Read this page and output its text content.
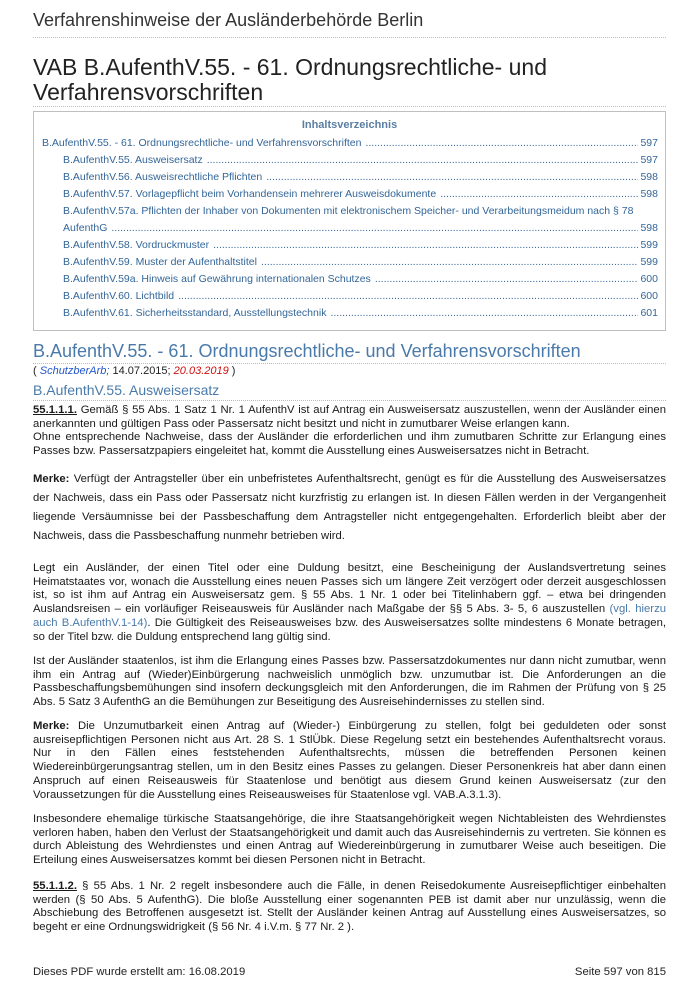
Verfahrenshinweise der Ausländerbehörde Berlin
VAB B.AufenthV.55. - 61. Ordnungsrechtliche- und Verfahrensvorschriften
Inhaltsverzeichnis
B.AufenthV.55. - 61. Ordnungsrechtliche- und Verfahrensvorschriften .....	597
B.AufenthV.55. Ausweisersatz .....	597
B.AufenthV.56. Ausweisrechtliche Pflichten .....	598
B.AufenthV.57. Vorlagepflicht beim Vorhandensein mehrerer Ausweisdokumente .....	598
B.AufenthV.57a. Pflichten der Inhaber von Dokumenten mit elektronischem Speicher- und Verarbeitungsmeidum nach § 78
AufenthG .....	598
B.AufenthV.58. Vordruckmuster .....	599
B.AufenthV.59. Muster der Aufenthaltstitel .....	599
B.AufenthV.59a. Hinweis auf Gewährung internationalen Schutzes .....	600
B.AufenthV.60. Lichtbild .....	600
B.AufenthV.61. Sicherheitsstandard, Ausstellungstechnik .....	601
B.AufenthV.55. - 61. Ordnungsrechtliche- und Verfahrensvorschriften
( SchutzberArb; 14.07.2015; 20.03.2019 )
B.AufenthV.55. Ausweisersatz
55.1.1.1. Gemäß § 55 Abs. 1 Satz 1 Nr. 1 AufenthV ist auf Antrag ein Ausweisersatz auszustellen, wenn der Ausländer einen anerkannten und gültigen Pass oder Passersatz nicht besitzt und nicht in zumutbarer Weise erlangen kann.
Ohne entsprechende Nachweise, dass der Ausländer die erforderlichen und ihm zumutbaren Schritte zur Erlangung eines Passes bzw. Passersatzpapiers eingeleitet hat, kommt die Ausstellung eines Ausweisersatzes nicht in Betracht.
Merke: Verfügt der Antragsteller über ein unbefristetes Aufenthaltsrecht, genügt es für die Ausstellung des Ausweisersatzes der Nachweis, dass ein Pass oder Passersatz nicht kurzfristig zu erlangen ist. In diesen Fällen werden in der Vergangenheit liegende Versäumnisse bei der Passbeschaffung dem Antragsteller nicht entgegengehalten. Erforderlich bleibt aber der Nachweis, dass die Passbeschaffung nunmehr betrieben wird.
Legt ein Ausländer, der einen Titel oder eine Duldung besitzt, eine Bescheinigung der Auslandsvertretung seines Heimatstaates vor, wonach die Ausstellung eines neuen Passes sich um längere Zeit verzögert oder derzeit ausgeschlossen ist, so ist ihm auf Antrag ein Ausweisersatz gem. § 55 Abs. 1 Nr. 1 oder bei Titelinhabern ggf. – etwa bei dringenden Auslandsreisen – ein vorläufiger Reiseausweis für Ausländer nach Maßgabe der §§ 5 Abs. 3- 5, 6 auszustellen (vgl. hierzu auch B.AufenthV.1-14). Die Gültigkeit des Reiseausweises bzw. des Ausweisersatzes sollte mindestens 6 Monate betragen, so der Titel bzw. die Duldung entsprechend lang gültig sind.
Ist der Ausländer staatenlos, ist ihm die Erlangung eines Passes bzw. Passersatzdokumentes nur dann nicht zumutbar, wenn ihm ein Antrag auf (Wieder)Einbürgerung nachweislich unmöglich bzw. unzumutbar ist. Die Anforderungen an die Passbeschaffungsbemühungen sind insofern deckungsgleich mit den Anforderungen, die im Rahmen der Prüfung von § 25 Abs. 5 Satz 3 AufenthG an die Bemühungen zur Beseitigung des Ausreisehindernisses zu stellen sind.
Merke: Die Unzumutbarkeit einen Antrag auf (Wieder-) Einbürgerung zu stellen, folgt bei geduldeten oder sonst ausreisepflichtigen Personen nicht aus Art. 28 S. 1 StlÜbk. Diese Regelung setzt ein bestehendes Aufenthaltsrecht voraus. Nur in den Fällen eines feststehenden Aufenthaltsrechts, müssen die betreffenden Personen keinen Wiedereinbürgerungsantrag stellen, um in den Besitz eines Passes zu gelangen. Dieser Personenkreis hat aber dann einen Anspruch auf einen Reiseausweis für Staatenlose und benötigt aus diesem Grund keinen Ausweisersatz (zur den Voraussetzungen für die Ausstellung eines Reiseausweises für Staatenlose vgl. VAB.A.3.1.3).
Insbesondere ehemalige türkische Staatsangehörige, die ihre Staatsangehörigkeit wegen Nichtableisten des Wehrdienstes verloren haben, haben den Verlust der Staatsangehörigkeit und damit auch das Ausreisehindernis zu vertreten. Sie können es durch Ableistung des Wehrdienstes und einen Antrag auf Wiedereinbürgerung in zumutbarer Weise auch beseitigen. Die Erteilung eines Ausweisersatzes kommt bei diesen Personen nicht in Betracht.
55.1.1.2. § 55 Abs. 1 Nr. 2 regelt insbesondere auch die Fälle, in denen Reisedokumente Ausreisepflichtiger einbehalten werden (§ 50 Abs. 5 AufenthG). Die bloße Ausstellung einer sogenannten PEB ist damit aber nur unzulässig, wenn die Abschiebung des Betroffenen ausgesetzt ist. Stellt der Ausländer keinen Antrag auf Ausstellung eines Ausweisersatzes, so begeht er eine Ordnungswidrigkeit (§ 56 Nr. 4 i.V.m. § 77 Nr. 2 ).
Dieses PDF wurde erstellt am: 16.08.2019	Seite 597 von 815
